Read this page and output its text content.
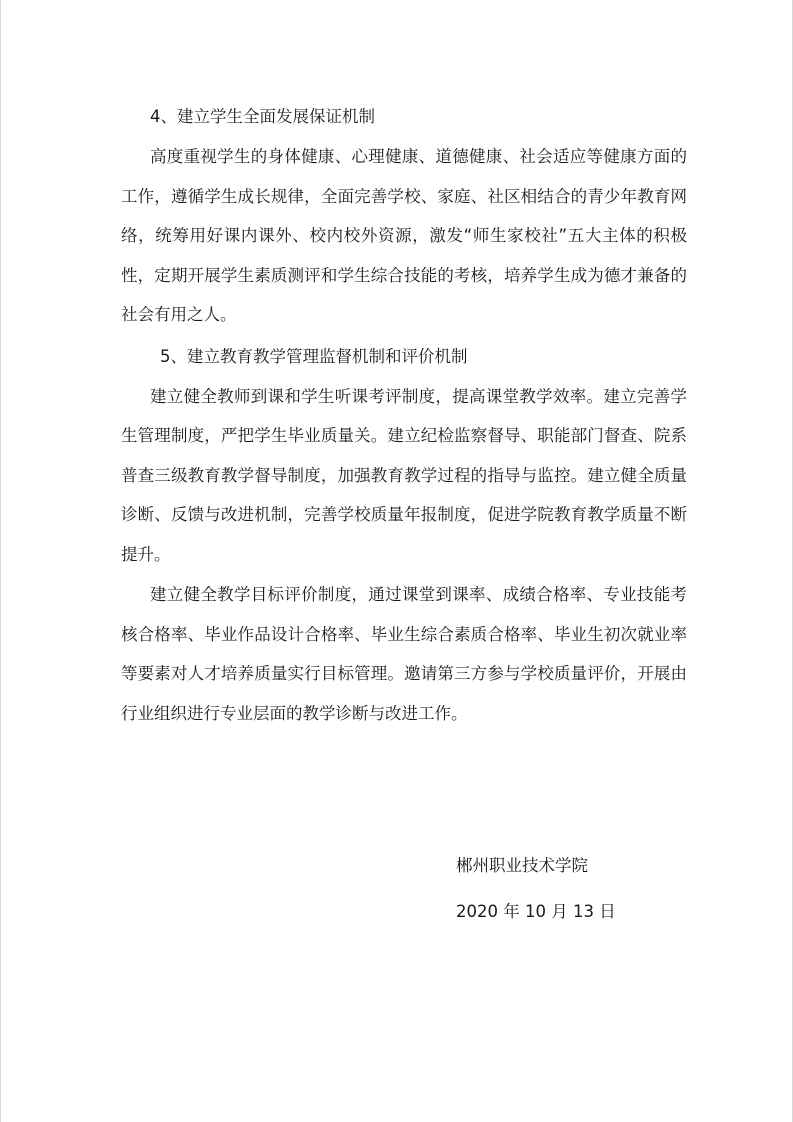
4、建立学生全面发展保证机制

高度重视学生的身体健康、心理健康、道德健康、社会适应等健康方面的工作，遵循学生成长规律，全面完善学校、家庭、社区相结合的青少年教育网络，统筹用好课内课外、校内校外资源，激发“师生家校社”五大主体的积极性，定期开展学生素质测评和学生综合技能的考核，培养学生成为德才兼备的社会有用之人。

5、建立教育教学管理监督机制和评价机制

建立健全教师到课和学生听课考评制度，提高课堂教学效率。建立完善学生管理制度，严把学生毕业质量关。建立纪检监察督导、职能部门督查、院系普查三级教育教学督导制度，加强教育教学过程的指导与监控。建立健全质量诊断、反馈与改进机制，完善学校质量年报制度，促进学院教育教学质量不断提升。

建立健全教学目标评价制度，通过课堂到课率、成绩合格率、专业技能考核合格率、毕业作品设计合格率、毕业生综合素质合格率、毕业生初次就业率等要素对人才培养质量实行目标管理。邀请第三方参与学校质量评价，开展由行业组织进行专业层面的教学诊断与改进工作。

郴州职业技术学院

2020 年 10 月 13 日
